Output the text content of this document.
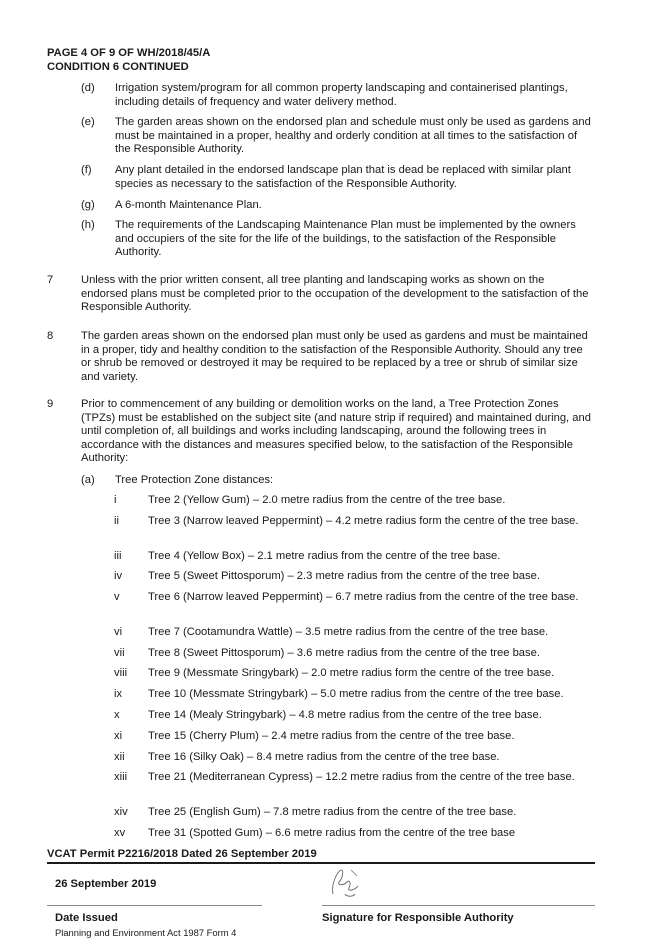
PAGE 4 OF 9 OF WH/2018/45/A
CONDITION 6 CONTINUED
(d) Irrigation system/program for all common property landscaping and containerised plantings, including details of frequency and water delivery method.
(e) The garden areas shown on the endorsed plan and schedule must only be used as gardens and must be maintained in a proper, healthy and orderly condition at all times to the satisfaction of the Responsible Authority.
(f) Any plant detailed in the endorsed landscape plan that is dead be replaced with similar plant species as necessary to the satisfaction of the Responsible Authority.
(g) A 6-month Maintenance Plan.
(h) The requirements of the Landscaping Maintenance Plan must be implemented by the owners and occupiers of the site for the life of the buildings, to the satisfaction of the Responsible Authority.
7 Unless with the prior written consent, all tree planting and landscaping works as shown on the endorsed plans must be completed prior to the occupation of the development to the satisfaction of the Responsible Authority.
8 The garden areas shown on the endorsed plan must only be used as gardens and must be maintained in a proper, tidy and healthy condition to the satisfaction of the Responsible Authority. Should any tree or shrub be removed or destroyed it may be required to be replaced by a tree or shrub of similar size and variety.
9 Prior to commencement of any building or demolition works on the land, a Tree Protection Zones (TPZs) must be established on the subject site (and nature strip if required) and maintained during, and until completion of, all buildings and works including landscaping, around the following trees in accordance with the distances and measures specified below, to the satisfaction of the Responsible Authority:
(a) Tree Protection Zone distances:
i	Tree 2 (Yellow Gum) – 2.0 metre radius from the centre of the tree base.
ii	Tree 3 (Narrow leaved Peppermint) – 4.2 metre radius form the centre of the tree base.
iii Tree 4 (Yellow Box) – 2.1 metre radius from the centre of the tree base.
iv Tree 5 (Sweet Pittosporum) – 2.3 metre radius from the centre of the tree base.
v	Tree 6 (Narrow leaved Peppermint) – 6.7 metre radius from the centre of the tree base.
vi Tree 7 (Cootamundra Wattle) – 3.5 metre radius from the centre of the tree base.
vii Tree 8 (Sweet Pittosporum) – 3.6 metre radius from the centre of the tree base.
viii Tree 9 (Messmate Sringybark) – 2.0 metre radius form the centre of the tree base.
ix Tree 10 (Messmate Stringybark) – 5.0 metre radius from the centre of the tree base.
x	Tree 14 (Mealy Stringybark) – 4.8 metre radius from the centre of the tree base.
xi Tree 15 (Cherry Plum) – 2.4 metre radius from the centre of the tree base.
xii Tree 16 (Silky Oak) – 8.4 metre radius from the centre of the tree base.
xiii Tree 21 (Mediterranean Cypress) – 12.2 metre radius from the centre of the tree base.
xiv Tree 25 (English Gum) – 7.8 metre radius from the centre of the tree base.
xv Tree 31 (Spotted Gum) – 6.6 metre radius from the centre of the tree base
VCAT Permit P2216/2018 Dated 26 September 2019
26 September 2019
Date Issued
Planning and Environment Act 1987 Form 4
Signature for Responsible Authority
